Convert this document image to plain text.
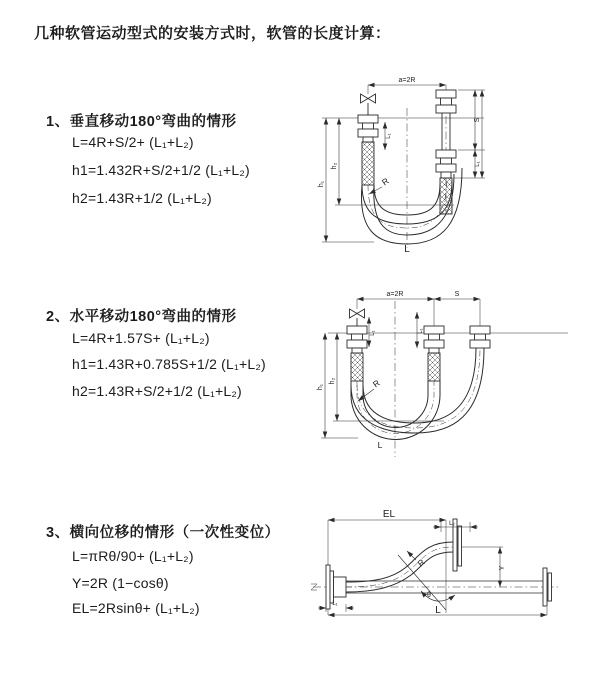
几种软管运动型式的安装方式时，软管的长度计算：
1、垂直移动180°弯曲的情形
L=4R+S/2+ (L₁+L₂)
h1=1.432R+S/2+1/2 (L₁+L₂)
h2=1.43R+1/2 (L₁+L₂)
2、水平移动180°弯曲的情形
L=4R+1.57S+ (L₁+L₂)
h1=1.43R+0.785S+1/2 (L₁+L₂)
h2=1.43R+S/2+1/2 (L₁+L₂)
3、横向位移的情形（一次性变位）
L=πRθ/90+ (L₁+L₂)
Y=2R (1−cosθ)
EL=2Rsinθ+ (L₁+L₂)
a=2R
h₁
h₂
L₁
S
L₁
R
L
a=2R	S
h₁
h₂
L₁	L₁
R
L
EL
L₂
Y
θ
R
L
L₁
